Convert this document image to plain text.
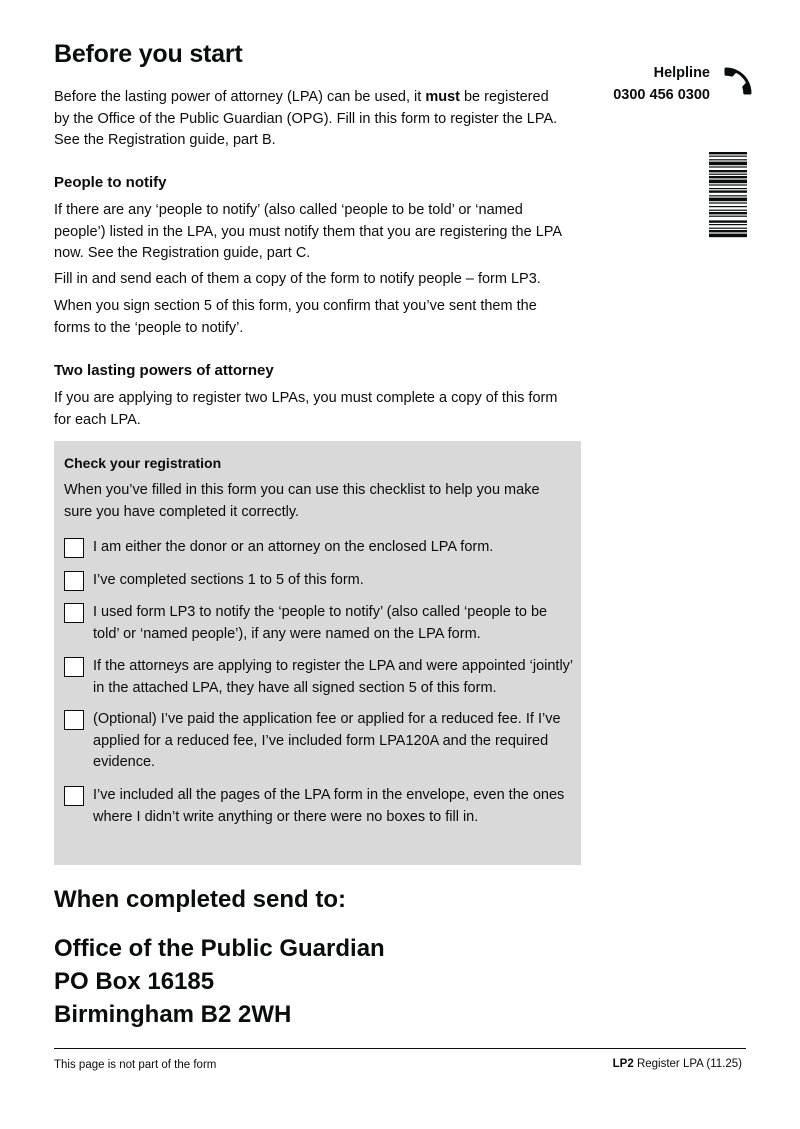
Before you start
Helpline
0300 456 0300
Before the lasting power of attorney (LPA) can be used, it must be registered by the Office of the Public Guardian (OPG). Fill in this form to register the LPA. See the Registration guide, part B.
People to notify
If there are any ‘people to notify’ (also called ‘people to be told’ or ‘named people’) listed in the LPA, you must notify them that you are registering the LPA now. See the Registration guide, part C.
Fill in and send each of them a copy of the form to notify people – form LP3.
When you sign section 5 of this form, you confirm that you’ve sent them the forms to the ‘people to notify’.
Two lasting powers of attorney
If you are applying to register two LPAs, you must complete a copy of this form for each LPA.
Check your registration
When you’ve filled in this form you can use this checklist to help you make sure you have completed it correctly.
I am either the donor or an attorney on the enclosed LPA form.
I’ve completed sections 1 to 5 of this form.
I used form LP3 to notify the ‘people to notify’ (also called ‘people to be told’ or ‘named people’), if any were named on the LPA form.
If the attorneys are applying to register the LPA and were appointed ‘jointly’ in the attached LPA, they have all signed section 5 of this form.
(Optional) I’ve paid the application fee or applied for a reduced fee. If I’ve applied for a reduced fee, I’ve included form LPA120A and the required evidence.
I’ve included all the pages of the LPA form in the envelope, even the ones where I didn’t write anything or there were no boxes to fill in.
When completed send to:
Office of the Public Guardian
PO Box 16185
Birmingham B2 2WH
This page is not part of the form	LP2 Register LPA (11.25)
